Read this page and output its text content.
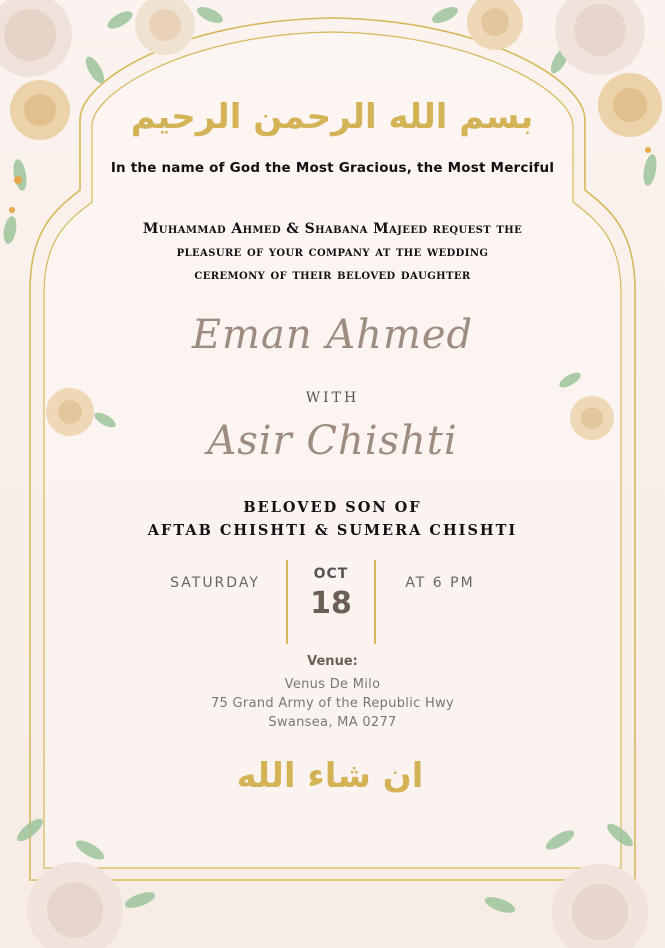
بسم الله الرحمن الرحيم

In the name of God the Most Gracious, the Most Merciful

Muhammad Ahmed & Shabana Majeed request the
pleasure of your company at the wedding
ceremony of their beloved daughter

Eman Ahmed

WITH

Asir Chishti

BELOVED SON OF
AFTAB CHISHTI & SUMERA CHISHTI

SATURDAY
OCT
18
AT 6 PM

Venue:

Venus De Milo

75 Grand Army of the Republic Hwy

Swansea, MA 0277

ان شاء الله
